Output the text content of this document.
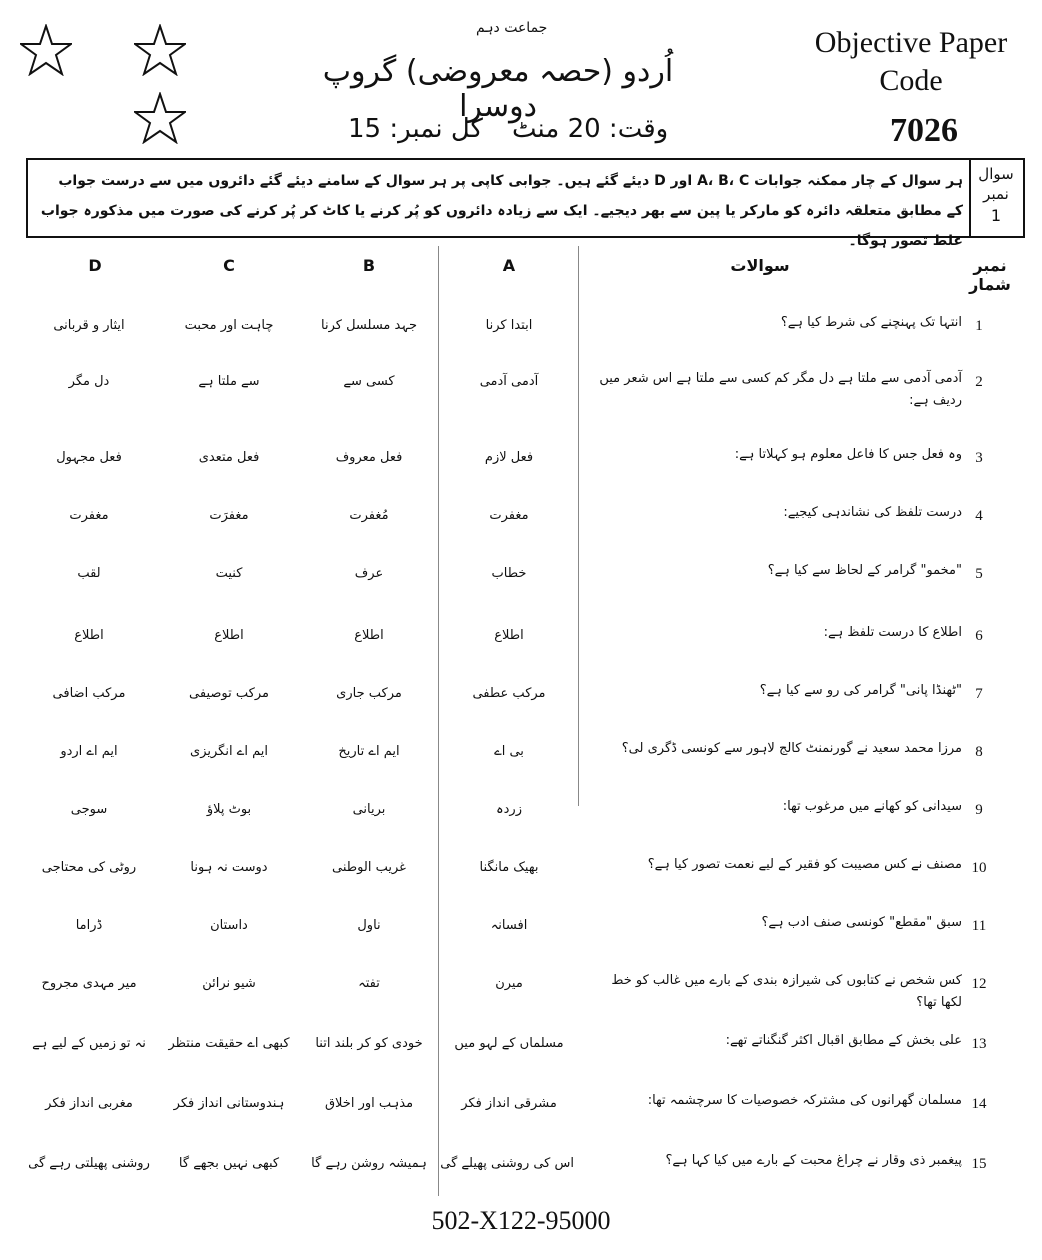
جماعت دہم
اُردو (حصہ معروضی) گروپ دوسرا
وقت: 20 منٹ
کل نمبر: 15
Objective Paper
Code
7026
سوال نمبر
1
ہر سوال کے چار ممکنہ جوابات A، B، C اور D دیئے گئے ہیں۔ جوابی کاپی پر ہر سوال کے سامنے دیئے گئے دائروں میں سے درست جواب کے مطابق متعلقہ دائرہ کو مارکر یا پین سے بھر دیجیے۔ ایک سے زیادہ دائروں کو پُر کرنے یا کاٹ کر پُر کرنے کی صورت میں مذکورہ جواب غلط تصور ہوگا۔
D	C	B	A	سوالات	نمبر شمار
1
انتہا تک پہنچنے کی شرط کیا ہے؟
ابتدا کرنا
جہد مسلسل کرنا
چاہت اور محبت
ایثار و قربانی
2
آدمی آدمی سے ملتا ہے دل مگر کم کسی سے ملتا ہے اس شعر میں ردیف ہے:
آدمی آدمی
کسی سے
سے ملتا ہے
دل مگر
3
وہ فعل جس کا فاعل معلوم ہو کہلاتا ہے:
فعل لازم
فعل معروف
فعل متعدی
فعل مجہول
4
درست تلفظ کی نشاندہی کیجیے:
مغفرت
مُغفرت
مغفرَت
مغفرت
5
"مخمو" گرامر کے لحاظ سے کیا ہے؟
خطاب
عرف
کنیت
لقب
6
اطلاع کا درست تلفظ ہے:
اطلاع
اطلاع
اطلاع
اطلاع
7
"ٹھنڈا پانی" گرامر کی رو سے کیا ہے؟
مرکب عطفی
مرکب جاری
مرکب توصیفی
مرکب اضافی
8
مرزا محمد سعید نے گورنمنٹ کالج لاہور سے کونسی ڈگری لی؟
بی اے
ایم اے تاریخ
ایم اے انگریزی
ایم اے اردو
9
سیدانی کو کھانے میں مرغوب تھا:
زردہ
بریانی
بوٹ پلاؤ
سوجی
10
مصنف نے کس مصیبت کو فقیر کے لیے نعمت تصور کیا ہے؟
بھیک مانگنا
غریب الوطنی
دوست نہ ہونا
روٹی کی محتاجی
11
سبق "مقطع" کونسی صنف ادب ہے؟
افسانہ
ناول
داستان
ڈراما
12
کس شخص نے کتابوں کی شیرازہ بندی کے بارے میں غالب کو خط لکھا تھا؟
میرن
تفتہ
شیو نرائن
میر مہدی مجروح
13
علی بخش کے مطابق اقبال اکثر گنگناتے تھے:
مسلماں کے لہو میں
خودی کو کر بلند اتنا
کبھی اے حقیقت منتظر
نہ تو زمیں کے لیے ہے
14
مسلمان گھرانوں کی مشترکہ خصوصیات کا سرچشمہ تھا:
مشرقی انداز فکر
مذہب اور اخلاق
ہندوستانی انداز فکر
مغربی انداز فکر
15
پیغمبر ذی وقار نے چراغ محبت کے بارے میں کیا کہا ہے؟
اس کی روشنی پھیلے گی
ہمیشہ روشن رہے گا
کبھی نہیں بجھے گا
روشنی پھیلتی رہے گی
502-X122-95000
